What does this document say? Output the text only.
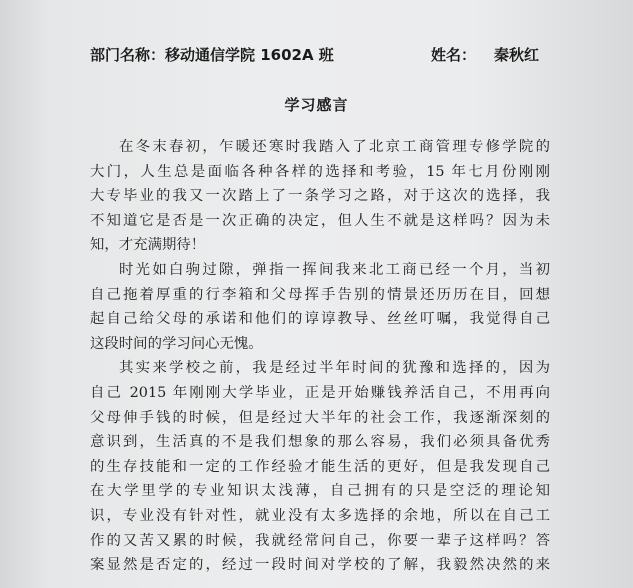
部门名称：移动通信学院 1602A 班	姓名： 秦秋红
学习感言
在冬末春初，乍暖还寒时我踏入了北京工商管理专修学院的
大门，人生总是面临各种各样的选择和考验，15 年七月份刚刚
大专毕业的我又一次踏上了一条学习之路，对于这次的选择，我
不知道它是否是一次正确的决定，但人生不就是这样吗？因为未
知，才充满期待！
时光如白驹过隙，弹指一挥间我来北工商已经一个月，当初
自己拖着厚重的行李箱和父母挥手告别的情景还历历在目，回想
起自己给父母的承诺和他们的谆谆教导、丝丝叮嘱，我觉得自己
这段时间的学习问心无愧。
其实来学校之前，我是经过半年时间的犹豫和选择的，因为
自己 2015 年刚刚大学毕业，正是开始赚钱养活自己，不用再向
父母伸手钱的时候，但是经过大半年的社会工作，我逐渐深刻的
意识到，生活真的不是我们想象的那么容易，我们必须具备优秀
的生存技能和一定的工作经验才能生活的更好，但是我发现自己
在大学里学的专业知识太浅薄，自己拥有的只是空泛的理论知
识，专业没有针对性，就业没有太多选择的余地，所以在自己工
作的又苦又累的时候，我就经常问自己，你要一辈子这样吗？答
案显然是否定的，经过一段时间对学校的了解，我毅然决然的来
